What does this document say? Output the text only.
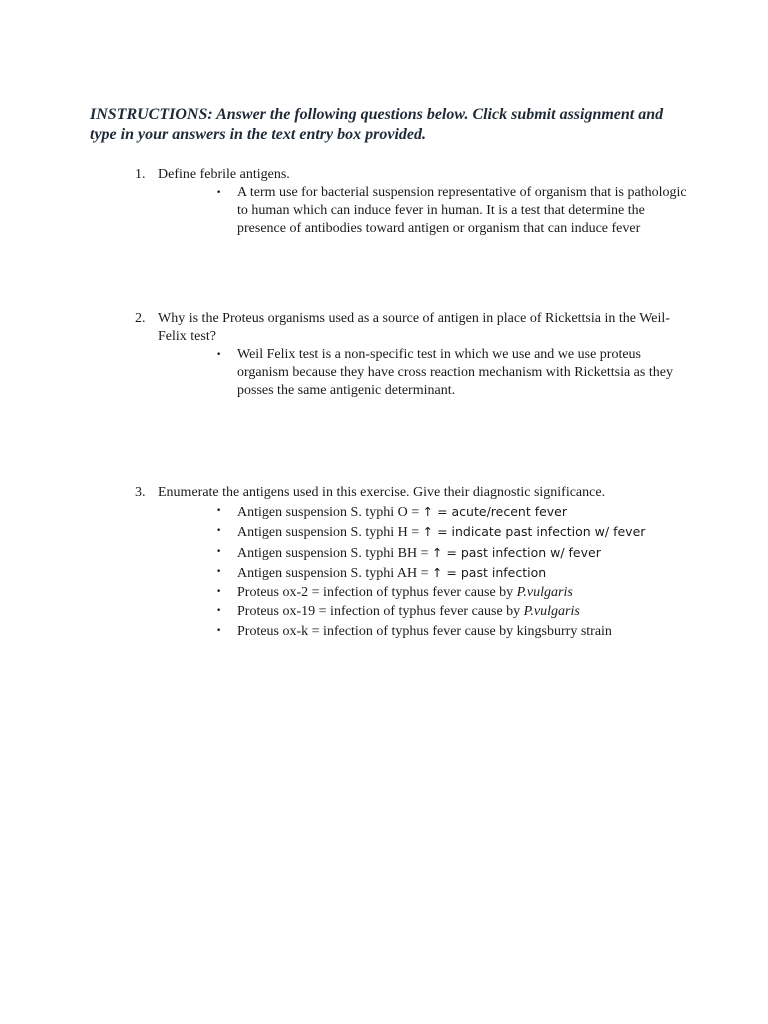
INSTRUCTIONS: Answer the following questions below. Click submit assignment and type in your answers in the text entry box provided.
1. Define febrile antigens.
• A term use for bacterial suspension representative of organism that is pathologic to human which can induce fever in human. It is a test that determine the presence of antibodies toward antigen or organism that can induce fever
2. Why is the Proteus organisms used as a source of antigen in place of Rickettsia in the Weil-Felix test?
• Weil Felix test is a non-specific test in which we use and we use proteus organism because they have cross reaction mechanism with Rickettsia as they posses the same antigenic determinant.
3. Enumerate the antigens used in this exercise. Give their diagnostic significance.
• Antigen suspension S. typhi O = ↑ = acute/recent fever
• Antigen suspension S. typhi H = ↑ = indicate past infection w/ fever
• Antigen suspension S. typhi BH = ↑ = past infection w/ fever
• Antigen suspension S. typhi AH = ↑ = past infection
• Proteus ox-2 = infection of typhus fever cause by P.vulgaris
• Proteus ox-19 = infection of typhus fever cause by P.vulgaris
• Proteus ox-k = infection of typhus fever cause by kingsburry strain
